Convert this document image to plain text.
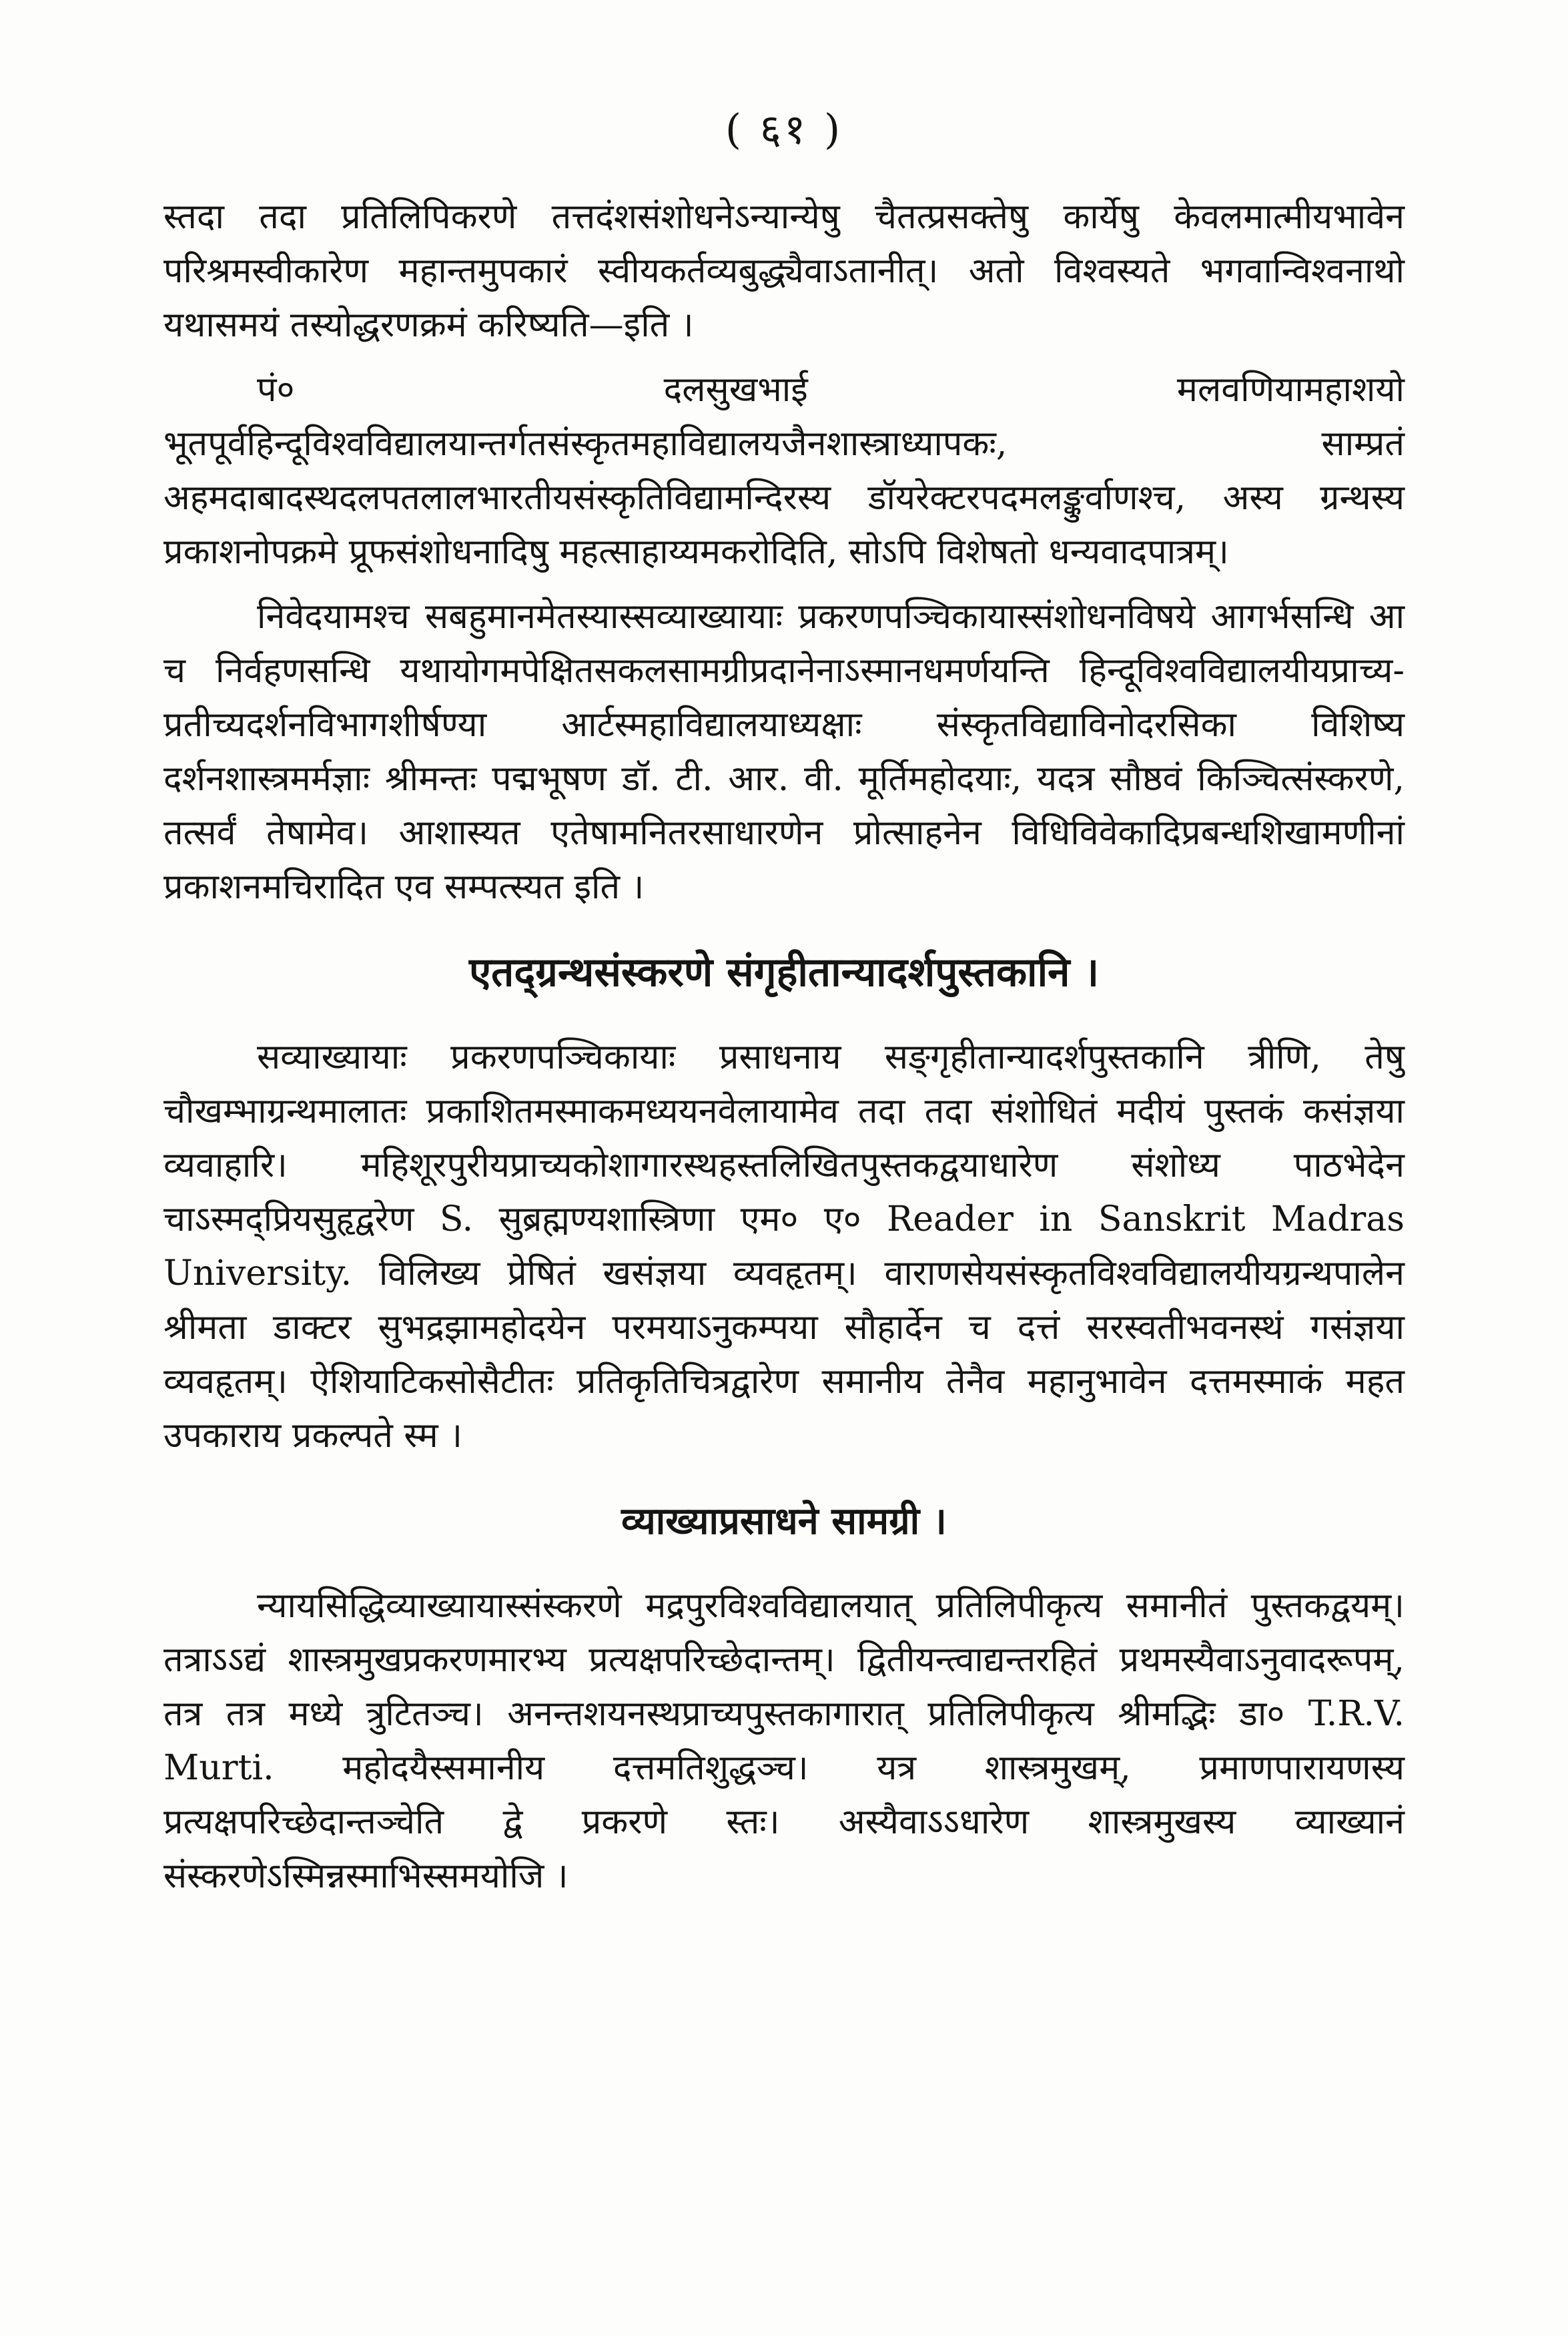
( ६१ )

स्तदा तदा प्रतिलिपिकरणे तत्तदंशसंशोधनेऽन्यान्येषु चैतत्प्रसक्तेषु कार्येषु केवलमात्मीयभावेन परिश्रमस्वीकारेण महान्तमुपकारं स्वीयकर्तव्यबुद्ध्यैवाऽतानीत्। अतो विश्वस्यते भगवान्विश्वनाथो यथासमयं तस्योद्धरणक्रमं करिष्यति—इति ।

पं० दलसुखभाई मलवणियामहाशयो भूतपूर्वहिन्दूविश्वविद्यालयान्तर्गतसंस्कृतमहाविद्यालयजैनशास्त्राध्यापकः, साम्प्रतं अहमदाबादस्थदलपतलालभारतीयसंस्कृतिविद्यामन्दिरस्य डॉयरेक्टरपदमलङ्कुर्वाणश्च, अस्य ग्रन्थस्य प्रकाशनोपक्रमे प्रूफसंशोधनादिषु महत्साहाय्यमकरोदिति, सोऽपि विशेषतो धन्यवादपात्रम्।

निवेदयामश्च सबहुमानमेतस्यास्सव्याख्यायाः प्रकरणपञ्चिकायास्संशोधनविषये आगर्भसन्धि आ च निर्वहणसन्धि यथायोगमपेक्षितसकलसामग्रीप्रदानेनाऽस्मानधमर्णयन्ति हिन्दूविश्वविद्यालयीयप्राच्य-प्रतीच्यदर्शनविभागशीर्षण्या आर्टस्महाविद्यालयाध्यक्षाः संस्कृतविद्याविनोदरसिका विशिष्य दर्शनशास्त्रमर्मज्ञाः श्रीमन्तः पद्मभूषण डॉ. टी. आर. वी. मूर्तिमहोदयाः, यदत्र सौष्ठवं किञ्चित्संस्करणे, तत्सर्वं तेषामेव। आशास्यत एतेषामनितरसाधारणेन प्रोत्साहनेन विधिविवेकादिप्रबन्धशिखामणीनां प्रकाशनमचिरादित एव सम्पत्स्यत इति ।

एतद्ग्रन्थसंस्करणे संगृहीतान्यादर्शपुस्तकानि ।

सव्याख्यायाः प्रकरणपञ्चिकायाः प्रसाधनाय सङ्गृहीतान्यादर्शपुस्तकानि त्रीणि, तेषु चौखम्भाग्रन्थमालातः प्रकाशितमस्माकमध्ययनवेलायामेव तदा तदा संशोधितं मदीयं पुस्तकं कसंज्ञया व्यवाहारि। महिशूरपुरीयप्राच्यकोशागारस्थहस्तलिखितपुस्तकद्वयाधारेण संशोध्य पाठभेदेन चाऽस्मद्प्रियसुहृद्वरेण S. सुब्रह्मण्यशास्त्रिणा एम० ए० Reader in Sanskrit Madras University. विलिख्य प्रेषितं खसंज्ञया व्यवहृतम्। वाराणसेयसंस्कृतविश्वविद्यालयीयग्रन्थपालेन श्रीमता डाक्टर सुभद्रझामहोदयेन परमयाऽनुकम्पया सौहार्देन च दत्तं सरस्वतीभवनस्थं गसंज्ञया व्यवहृतम्। ऐशियाटिकसोसैटीतः प्रतिकृतिचित्रद्वारेण समानीय तेनैव महानुभावेन दत्तमस्माकं महत उपकाराय प्रकल्पते स्म ।

व्याख्याप्रसाधने सामग्री ।

न्यायसिद्धिव्याख्यायास्संस्करणे मद्रपुरविश्वविद्यालयात् प्रतिलिपीकृत्य समानीतं पुस्तकद्वयम्। तत्राऽऽद्यं शास्त्रमुखप्रकरणमारभ्य प्रत्यक्षपरिच्छेदान्तम्। द्वितीयन्त्वाद्यन्तरहितं प्रथमस्यैवाऽनुवादरूपम्, तत्र तत्र मध्ये त्रुटितञ्च। अनन्तशयनस्थप्राच्यपुस्तकागारात् प्रतिलिपीकृत्य श्रीमद्भिः डा० T.R.V. Murti. महोदयैस्समानीय दत्तमतिशुद्धञ्च। यत्र शास्त्रमुखम्, प्रमाणपारायणस्य प्रत्यक्षपरिच्छेदान्तञ्चेति द्वे प्रकरणे स्तः। अस्यैवाऽऽधारेण शास्त्रमुखस्य व्याख्यानं संस्करणेऽस्मिन्नस्माभिस्समयोजि ।
